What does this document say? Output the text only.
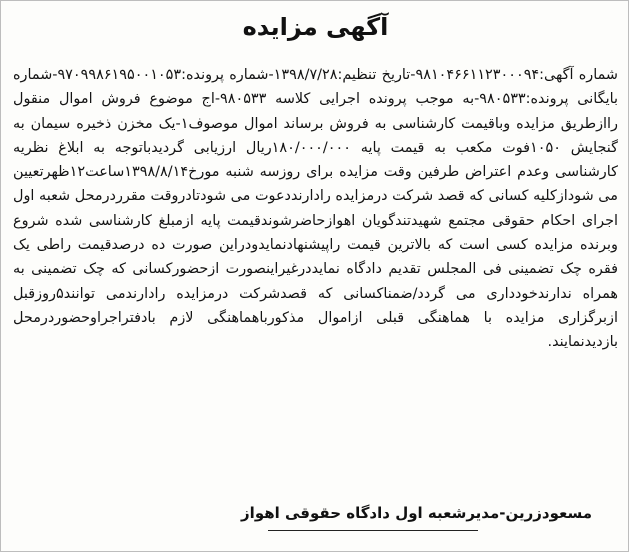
آگهی مزایده

شماره آگهی:۹۸۱۰۴۶۶۱۱۲۳۰۰۰۹۴-تاریخ تنظیم:۱۳۹۸/۷/۲۸-شماره پرونده:۹۷۰۹۹۸۶۱۹۵۰۰۱۰۵۳-شماره بایگانی پرونده:۹۸۰۵۳۳-به موجب پرونده اجرایی کلاسه ۹۸۰۵۳۳-اج موضوع فروش اموال منقول رااز‌طریق مزایده وبا‌قیمت کارشناسی به فروش برساند اموال موصوف۱-یک مخزن ذخیره سیمان به گنجایش ۱۰۵۰فوت مکعب به قیمت پایه ۱۸۰/۰۰۰/۰۰۰ریال ارزیابی گردیدباتوجه به ابلاغ نظریه کارشناسی وعدم اعتراض طرفین وقت مزایده برای روزسه شنبه مورخ۱۳۹۸/۸/۱۴ساعت۱۲ظهر‌تعیین می شوداز‌کلیه کسانی که قصد شرکت درمزایده رادارندد‌عوت می شودتادر‌وقت مقرردرمحل شعبه اول اجرای احکام حقوقی مجتمع شهیدتندگویان اهوازحاضرشوندقیمت پایه ازمبلغ کارشناسی شده شروع وبرنده مزایده کسی است که بالاترین قیمت راپیشنهادنمایدودراین صورت ده درصدقیمت راطی یک فقره چک تضمینی فی المجلس تقدیم دادگاه نمایددرغیراینصورت ازحضورکسانی که چک تضمینی به همراه ندارندخودداری می گردد/ضمناکسانی که قصدشرکت درمزایده رادارندمی توانند۵روزقبل ازبرگزاری مزایده با هماهنگی قبلی ازاموال مذکورباهماهنگی لازم بادفتراجراوحضوردرمحل بازدیدنمایند.

مسعودزرین-مدیرشعبه اول دادگاه حقوقی اهواز
